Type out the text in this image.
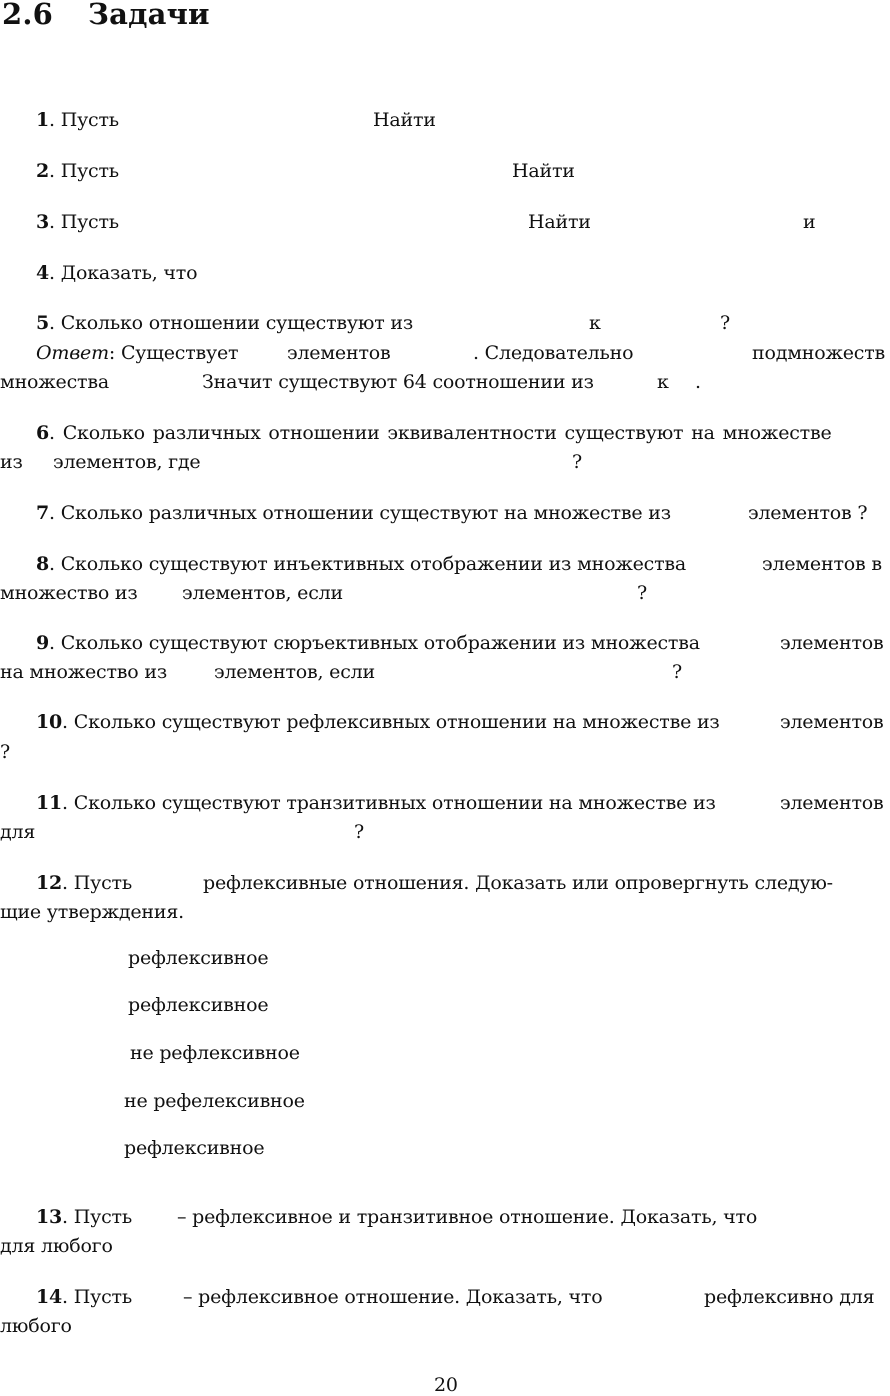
2.6 Задачи
1. Пусть	Найти
2. Пусть	Найти
3. Пусть	Найти	и
4. Доказать, что
5. Сколько отношении существуют из	к	?
Ответ: Существует	элементов	. Следовательно	подмножеств
множества	Значит существуют 64 соотношении из	к .
6. Сколько различных отношении эквивалентности существуют на множестве
из элементов, где	?
7. Сколько различных отношении существуют на множестве из	элементов ?
8. Сколько существуют инъективных отображении из множества	элементов в
множество из элементов, если	?
9. Сколько существуют сюръективных отображении из множества	элементов
на множество из элементов, если	?
10. Сколько существуют рефлексивных отношении на множестве из	элементов
?
11. Сколько существуют транзитивных отношении на множестве из	элементов
для	?
12. Пусть	рефлексивные отношения. Доказать или опровергнуть следую-
щие утверждения.
рефлексивное
рефлексивное
не рефлексивное
не рефелексивное
рефлексивное
13. Пусть – рефлексивное и транзитивное отношение. Доказать, что
для любого
14. Пусть	– рефлексивное отношение. Доказать, что	рефлексивно для
любого
20
